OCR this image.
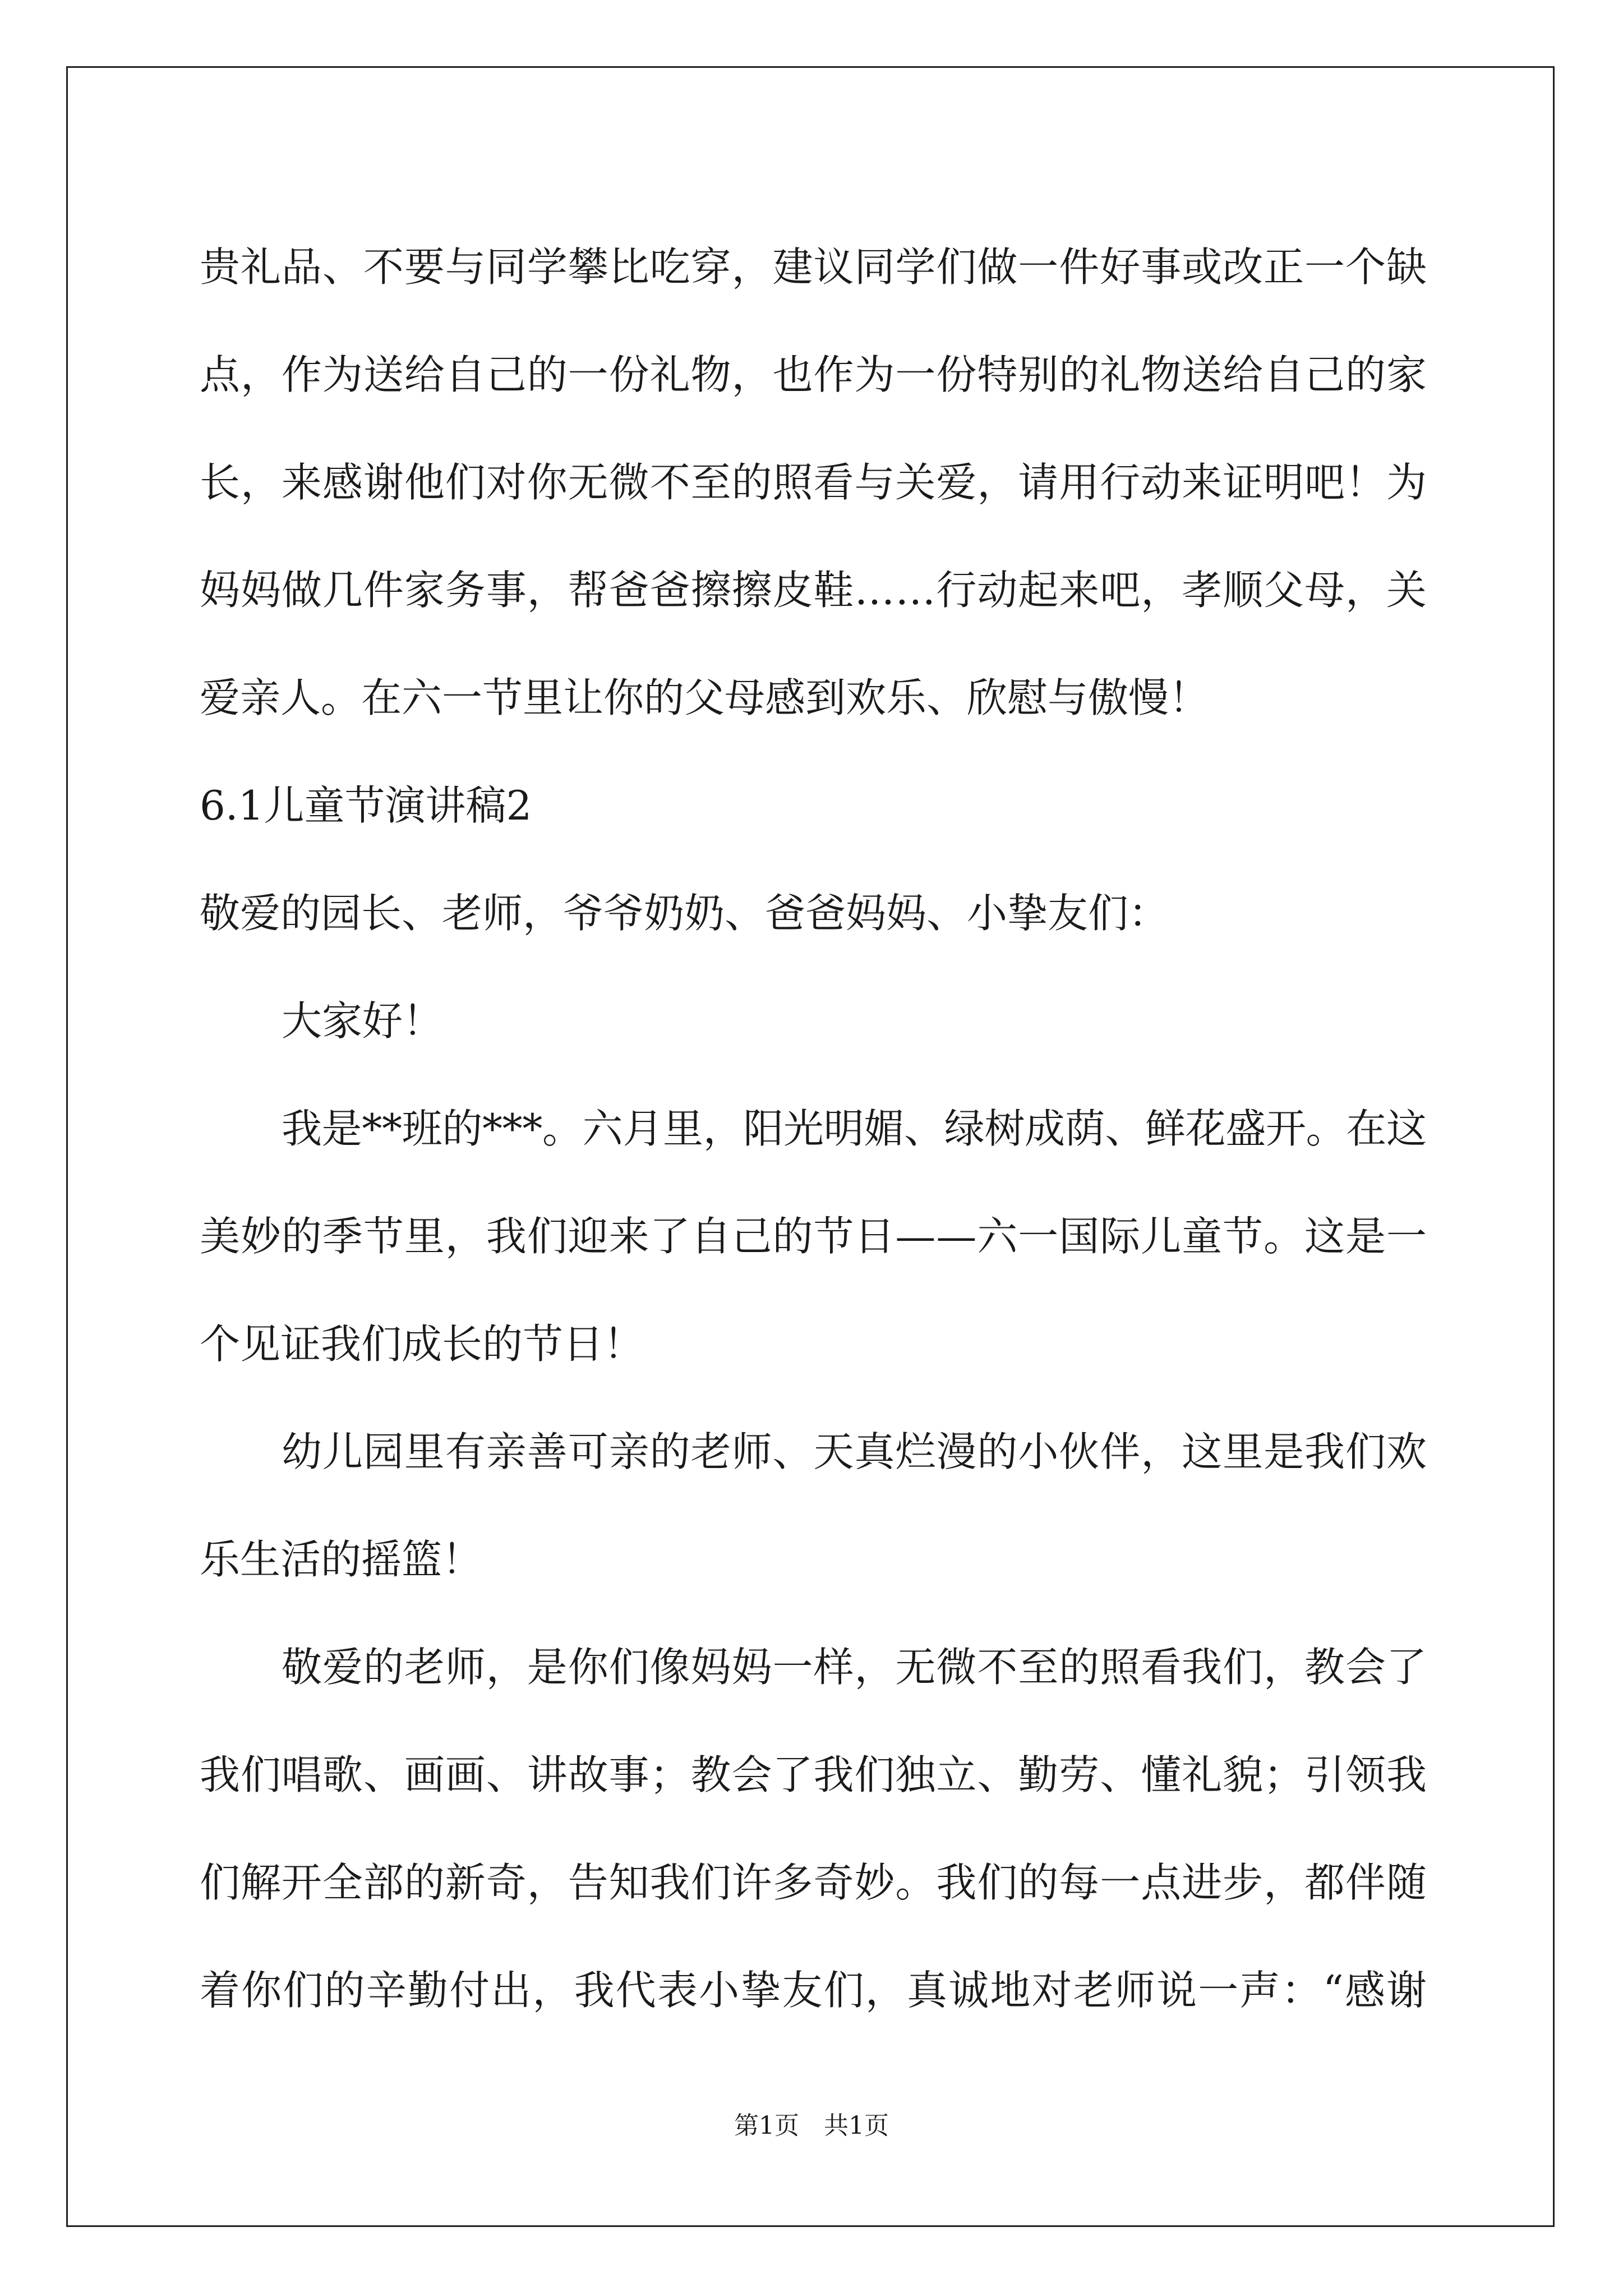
贵礼品、不要与同学攀比吃穿，建议同学们做一件好事或改正一个缺
点，作为送给自己的一份礼物，也作为一份特别的礼物送给自己的家
长，来感谢他们对你无微不至的照看与关爱，请用行动来证明吧！为
妈妈做几件家务事，帮爸爸擦擦皮鞋……行动起来吧，孝顺父母，关
爱亲人。在六一节里让你的父母感到欢乐、欣慰与傲慢！
6.1儿童节演讲稿2
敬爱的园长、老师，爷爷奶奶、爸爸妈妈、小挚友们：
大家好！
我是**班的***。六月里，阳光明媚、绿树成荫、鲜花盛开。在这
美妙的季节里，我们迎来了自己的节日——六一国际儿童节。这是一
个见证我们成长的节日！
幼儿园里有亲善可亲的老师、天真烂漫的小伙伴，这里是我们欢
乐生活的摇篮！
敬爱的老师，是你们像妈妈一样，无微不至的照看我们，教会了
我们唱歌、画画、讲故事；教会了我们独立、勤劳、懂礼貌；引领我
们解开全部的新奇，告知我们许多奇妙。我们的每一点进步，都伴随
着你们的辛勤付出，我代表小挚友们，真诚地对老师说一声：“感谢
第1页　共1页
